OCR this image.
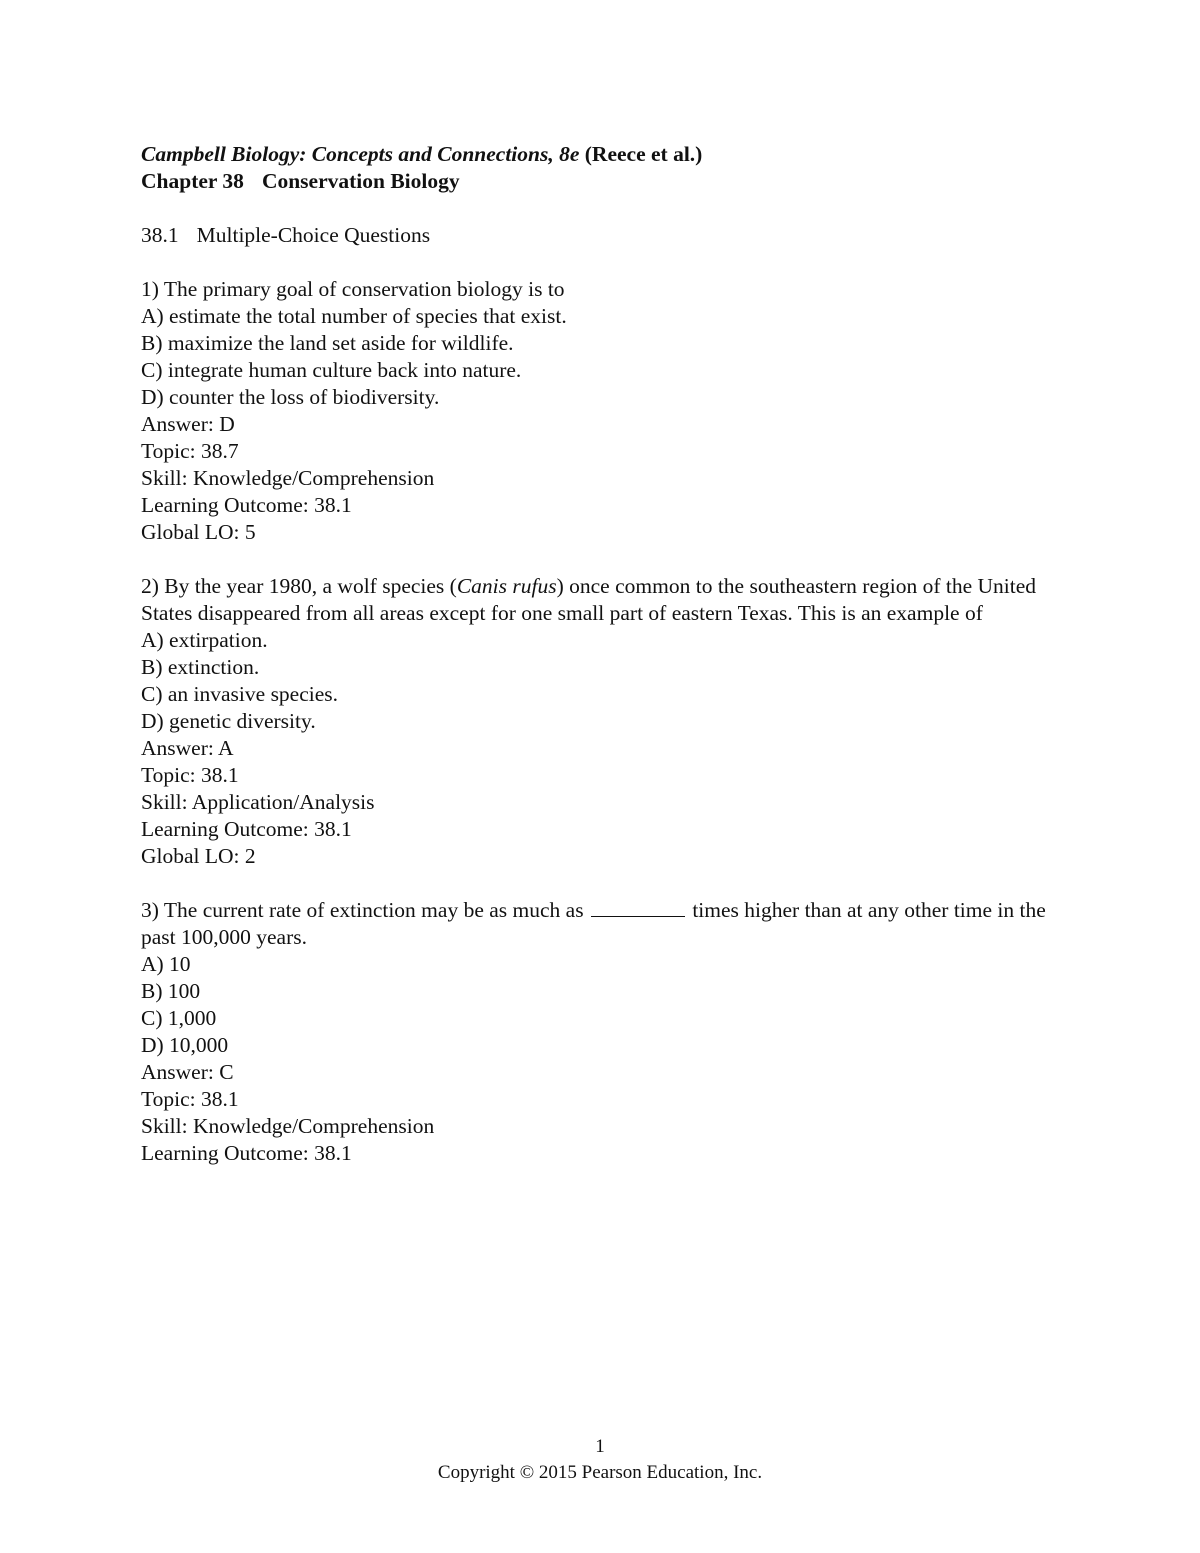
Campbell Biology: Concepts and Connections, 8e (Reece et al.)
Chapter 38 Conservation Biology
38.1 Multiple-Choice Questions
1) The primary goal of conservation biology is to
A) estimate the total number of species that exist.
B) maximize the land set aside for wildlife.
C) integrate human culture back into nature.
D) counter the loss of biodiversity.
Answer: D
Topic: 38.7
Skill: Knowledge/Comprehension
Learning Outcome: 38.1
Global LO: 5
2) By the year 1980, a wolf species (Canis rufus) once common to the southeastern region of the United States disappeared from all areas except for one small part of eastern Texas. This is an example of
A) extirpation.
B) extinction.
C) an invasive species.
D) genetic diversity.
Answer: A
Topic: 38.1
Skill: Application/Analysis
Learning Outcome: 38.1
Global LO: 2
3) The current rate of extinction may be as much as	times higher than at any other time in the past 100,000 years.
A) 10
B) 100
C) 1,000
D) 10,000
Answer: C
Topic: 38.1
Skill: Knowledge/Comprehension
Learning Outcome: 38.1
1
Copyright © 2015 Pearson Education, Inc.
